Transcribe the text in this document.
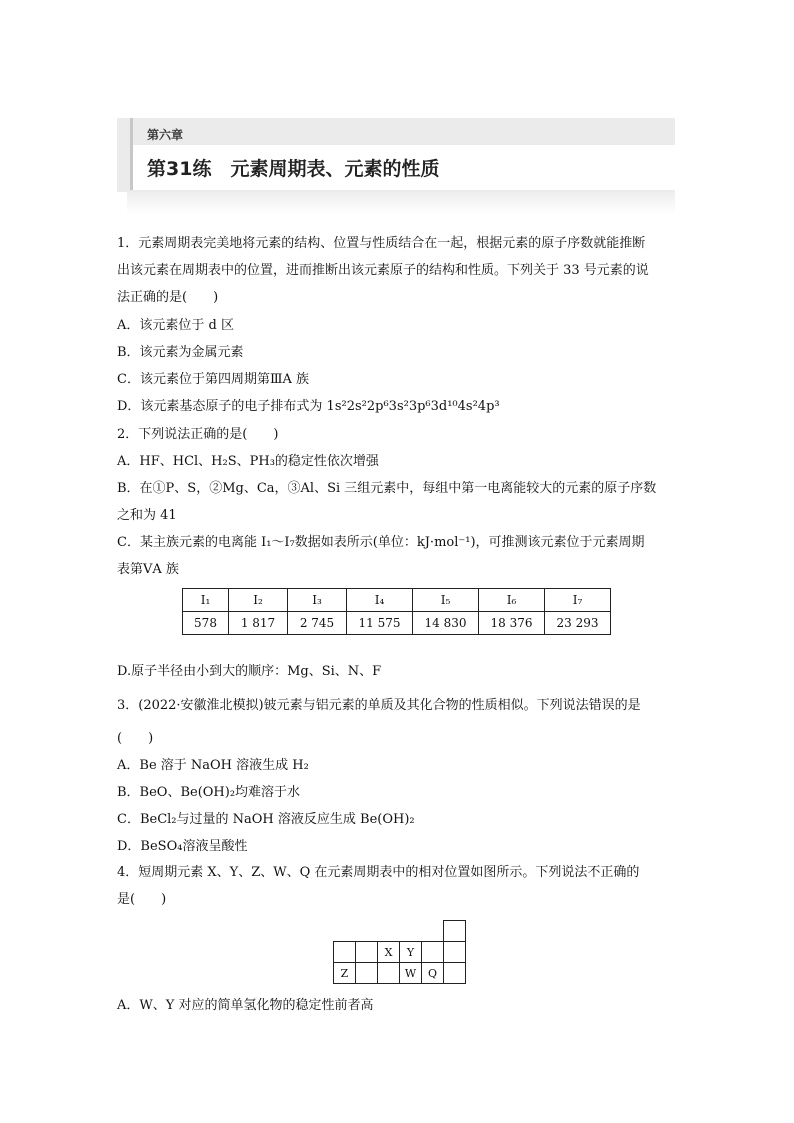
第六章
第31练　元素周期表、元素的性质
1．元素周期表完美地将元素的结构、位置与性质结合在一起，根据元素的原子序数就能推断
出该元素在周期表中的位置，进而推断出该元素原子的结构和性质。下列关于 33 号元素的说
法正确的是(　　)
A．该元素位于 d 区
B．该元素为金属元素
C．该元素位于第四周期第ⅢA 族
D．该元素基态原子的电子排布式为 1s²2s²2p⁶3s²3p⁶3d¹⁰4s²4p³
2．下列说法正确的是(　　)
A．HF、HCl、H₂S、PH₃的稳定性依次增强
B．在①P、S，②Mg、Ca，③Al、Si 三组元素中，每组中第一电离能较大的元素的原子序数
之和为 41
C．某主族元素的电离能 I₁～I₇数据如表所示(单位：kJ·mol⁻¹)，可推测该元素位于元素周期
表第ⅤA 族
I₁	I₂	I₃	I₄	I₅	I₆	I₇
578	1 817	2 745	11 575	14 830	18 376	23 293
D.原子半径由小到大的顺序：Mg、Si、N、F
3．(2022·安徽淮北模拟)铍元素与铝元素的单质及其化合物的性质相似。下列说法错误的是
(　　)
A．Be 溶于 NaOH 溶液生成 H₂
B．BeO、Be(OH)₂均难溶于水
C．BeCl₂与过量的 NaOH 溶液反应生成 Be(OH)₂
D．BeSO₄溶液呈酸性
4．短周期元素 X、Y、Z、W、Q 在元素周期表中的相对位置如图所示。下列说法不正确的
是(　　)

		X	Y		
Z			W	Q	
A．W、Y 对应的简单氢化物的稳定性前者高
